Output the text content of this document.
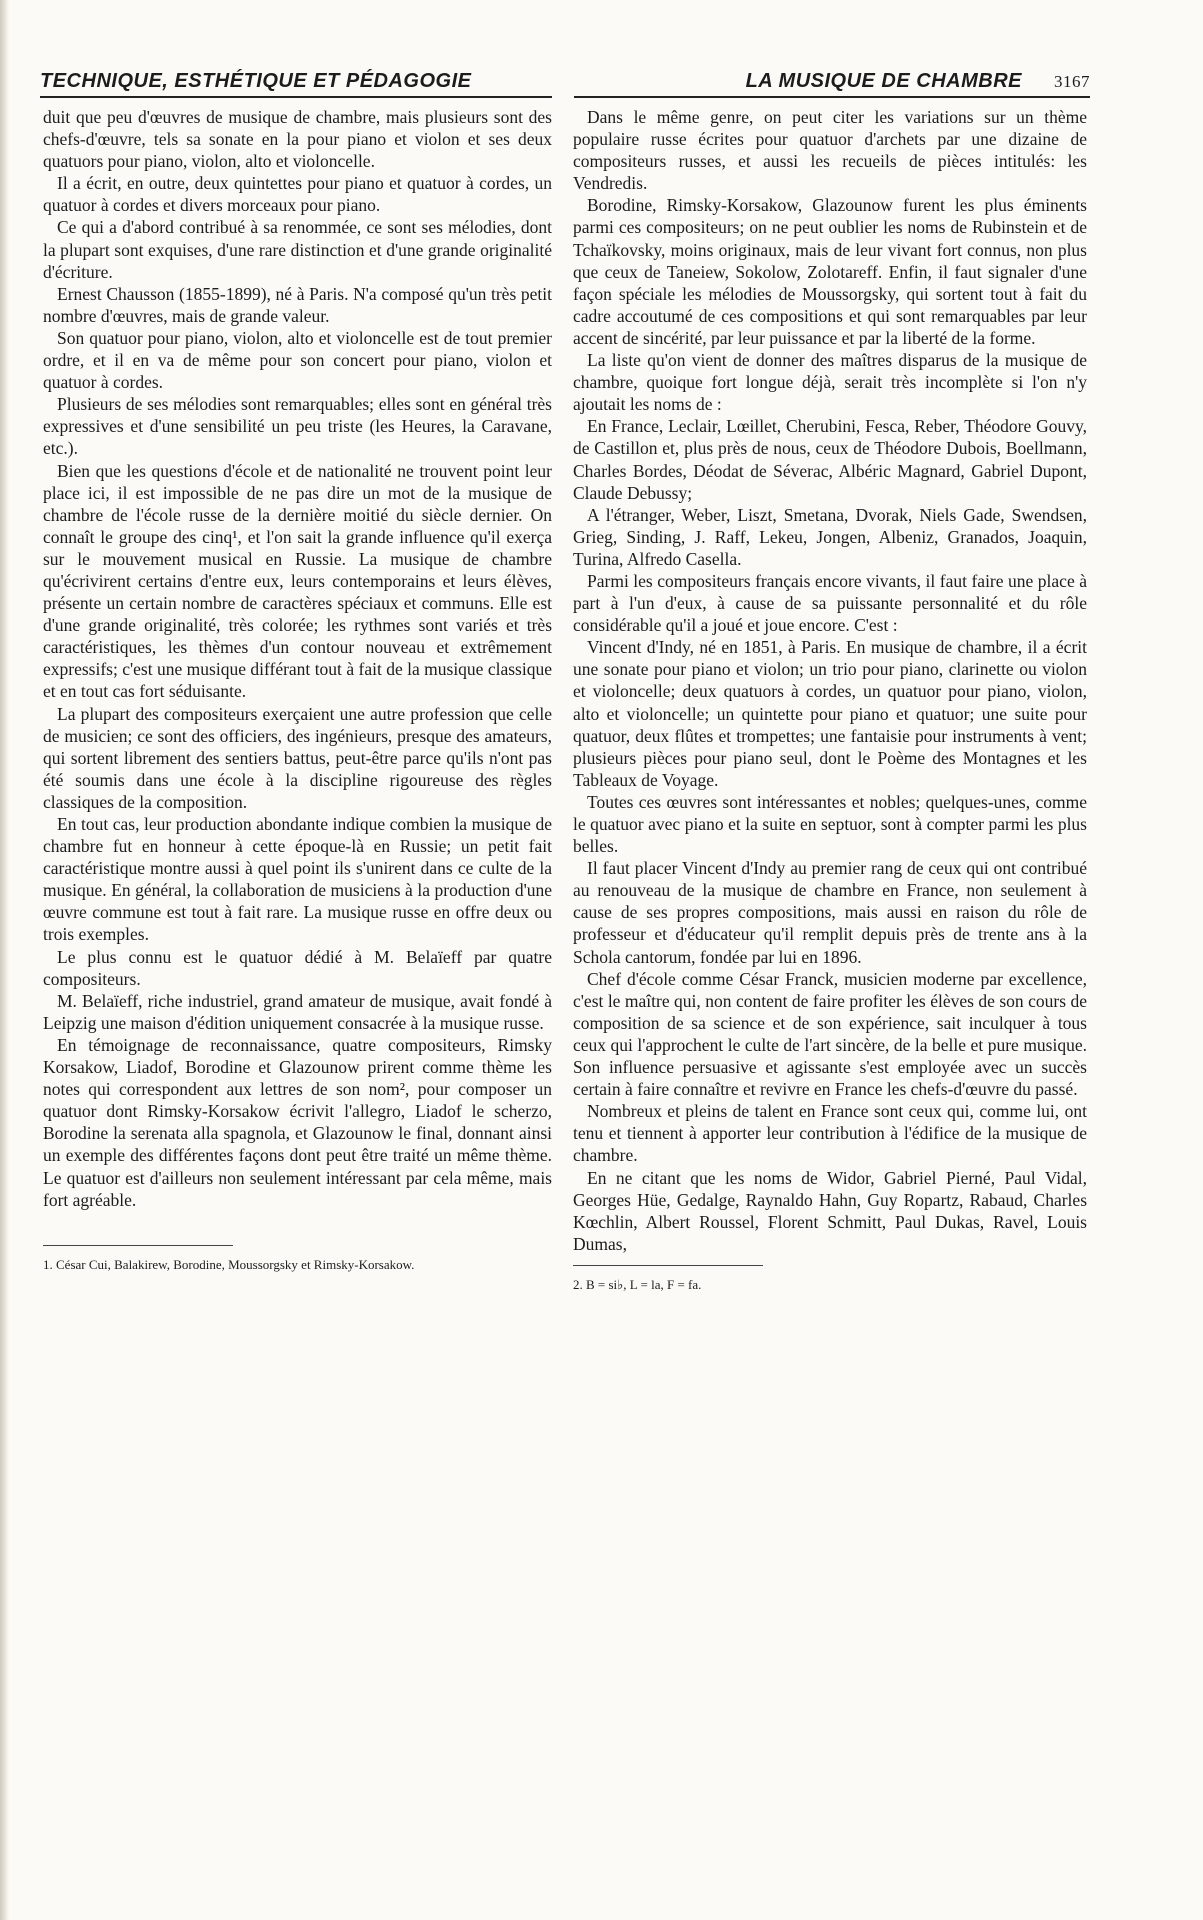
TECHNIQUE, ESTHÉTIQUE ET PÉDAGOGIE	LA MUSIQUE DE CHAMBRE 3167

duit que peu d'œuvres de musique de chambre, mais plusieurs sont des chefs-d'œuvre, tels sa sonate en la pour piano et violon et ses deux quatuors pour piano, violon, alto et violoncelle.

Il a écrit, en outre, deux quintettes pour piano et quatuor à cordes, un quatuor à cordes et divers morceaux pour piano.

Ce qui a d'abord contribué à sa renommée, ce sont ses mélodies, dont la plupart sont exquises, d'une rare distinction et d'une grande originalité d'écriture.

Ernest Chausson (1855-1899), né à Paris. N'a composé qu'un très petit nombre d'œuvres, mais de grande valeur.

Son quatuor pour piano, violon, alto et violoncelle est de tout premier ordre, et il en va de même pour son concert pour piano, violon et quatuor à cordes.

Plusieurs de ses mélodies sont remarquables; elles sont en général très expressives et d'une sensibilité un peu triste (les Heures, la Caravane, etc.).

Bien que les questions d'école et de nationalité ne trouvent point leur place ici, il est impossible de ne pas dire un mot de la musique de chambre de l'école russe de la dernière moitié du siècle dernier. On connaît le groupe des cinq¹, et l'on sait la grande influence qu'il exerça sur le mouvement musical en Russie. La musique de chambre qu'écrivirent certains d'entre eux, leurs contemporains et leurs élèves, présente un certain nombre de caractères spéciaux et communs. Elle est d'une grande originalité, très colorée; les rythmes sont variés et très caractéristiques, les thèmes d'un contour nouveau et extrêmement expressifs; c'est une musique différant tout à fait de la musique classique et en tout cas fort séduisante.

La plupart des compositeurs exerçaient une autre profession que celle de musicien; ce sont des officiers, des ingénieurs, presque des amateurs, qui sortent librement des sentiers battus, peut-être parce qu'ils n'ont pas été soumis dans une école à la discipline rigoureuse des règles classiques de la composition.

En tout cas, leur production abondante indique combien la musique de chambre fut en honneur à cette époque-là en Russie; un petit fait caractéristique montre aussi à quel point ils s'unirent dans ce culte de la musique. En général, la collaboration de musiciens à la production d'une œuvre commune est tout à fait rare. La musique russe en offre deux ou trois exemples.

Le plus connu est le quatuor dédié à M. Belaïeff par quatre compositeurs.

M. Belaïeff, riche industriel, grand amateur de musique, avait fondé à Leipzig une maison d'édition uniquement consacrée à la musique russe.

En témoignage de reconnaissance, quatre compositeurs, Rimsky Korsakow, Liadof, Borodine et Glazounow prirent comme thème les notes qui correspondent aux lettres de son nom², pour composer un quatuor dont Rimsky-Korsakow écrivit l'allegro, Liadof le scherzo, Borodine la serenata alla spagnola, et Glazounow le final, donnant ainsi un exemple des différentes façons dont peut être traité un même thème. Le quatuor est d'ailleurs non seulement intéressant par cela même, mais fort agréable.

1. César Cui, Balakirew, Borodine, Moussorgsky et Rimsky-Korsakow.

Dans le même genre, on peut citer les variations sur un thème populaire russe écrites pour quatuor d'archets par une dizaine de compositeurs russes, et aussi les recueils de pièces intitulés: les Vendredis.

Borodine, Rimsky-Korsakow, Glazounow furent les plus éminents parmi ces compositeurs; on ne peut oublier les noms de Rubinstein et de Tchaïkovsky, moins originaux, mais de leur vivant fort connus, non plus que ceux de Taneiew, Sokolow, Zolotareff. Enfin, il faut signaler d'une façon spéciale les mélodies de Moussorgsky, qui sortent tout à fait du cadre accoutumé de ces compositions et qui sont remarquables par leur accent de sincérité, par leur puissance et par la liberté de la forme.

La liste qu'on vient de donner des maîtres disparus de la musique de chambre, quoique fort longue déjà, serait très incomplète si l'on n'y ajoutait les noms de :

En France, Leclair, Lœillet, Cherubini, Fesca, Reber, Théodore Gouvy, de Castillon et, plus près de nous, ceux de Théodore Dubois, Boellmann, Charles Bordes, Déodat de Séverac, Albéric Magnard, Gabriel Dupont, Claude Debussy;

A l'étranger, Weber, Liszt, Smetana, Dvorak, Niels Gade, Swendsen, Grieg, Sinding, J. Raff, Lekeu, Jongen, Albeniz, Granados, Joaquin, Turina, Alfredo Casella.

Parmi les compositeurs français encore vivants, il faut faire une place à part à l'un d'eux, à cause de sa puissante personnalité et du rôle considérable qu'il a joué et joue encore. C'est :

Vincent d'Indy, né en 1851, à Paris. En musique de chambre, il a écrit une sonate pour piano et violon; un trio pour piano, clarinette ou violon et violoncelle; deux quatuors à cordes, un quatuor pour piano, violon, alto et violoncelle; un quintette pour piano et quatuor; une suite pour quatuor, deux flûtes et trompettes; une fantaisie pour instruments à vent; plusieurs pièces pour piano seul, dont le Poème des Montagnes et les Tableaux de Voyage.

Toutes ces œuvres sont intéressantes et nobles; quelques-unes, comme le quatuor avec piano et la suite en septuor, sont à compter parmi les plus belles.

Il faut placer Vincent d'Indy au premier rang de ceux qui ont contribué au renouveau de la musique de chambre en France, non seulement à cause de ses propres compositions, mais aussi en raison du rôle de professeur et d'éducateur qu'il remplit depuis près de trente ans à la Schola cantorum, fondée par lui en 1896.

Chef d'école comme César Franck, musicien moderne par excellence, c'est le maître qui, non content de faire profiter les élèves de son cours de composition de sa science et de son expérience, sait inculquer à tous ceux qui l'approchent le culte de l'art sincère, de la belle et pure musique. Son influence persuasive et agissante s'est employée avec un succès certain à faire connaître et revivre en France les chefs-d'œuvre du passé.

Nombreux et pleins de talent en France sont ceux qui, comme lui, ont tenu et tiennent à apporter leur contribution à l'édifice de la musique de chambre.

En ne citant que les noms de Widor, Gabriel Pierné, Paul Vidal, Georges Hüe, Gedalge, Raynaldo Hahn, Guy Ropartz, Rabaud, Charles Kœchlin, Albert Roussel, Florent Schmitt, Paul Dukas, Ravel, Louis Dumas,

2. B = si♭, L = la, F = fa.
